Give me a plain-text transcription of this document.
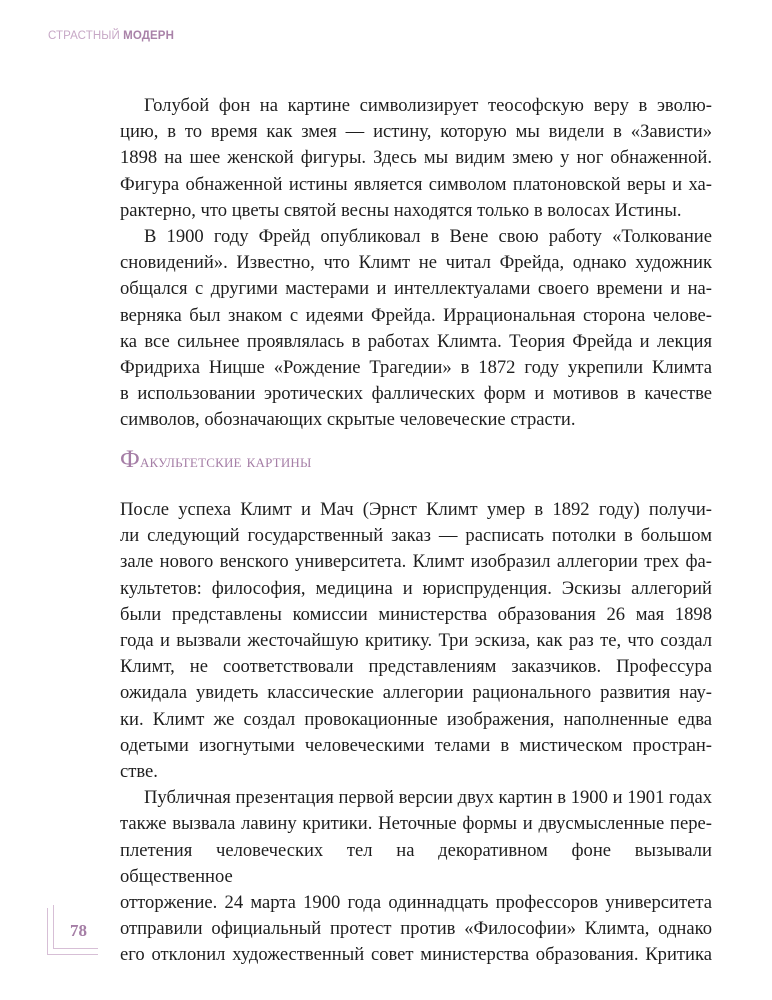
СТРАСТНЫЙ МОДЕРН

Голубой фон на картине символизирует теософскую веру в эволю-
цию, в то время как змея — истину, которую мы видели в «Зависти»
1898 на шее женской фигуры. Здесь мы видим змею у ног обнаженной.
Фигура обнаженной истины является символом платоновской веры и ха-
рактерно, что цветы святой весны находятся только в волосах Истины.

В 1900 году Фрейд опубликовал в Вене свою работу «Толкование
сновидений». Известно, что Климт не читал Фрейда, однако художник
общался с другими мастерами и интеллектуалами своего времени и на-
верняка был знаком с идеями Фрейда. Иррациональная сторона челове-
ка все сильнее проявлялась в работах Климта. Теория Фрейда и лекция
Фридриха Ницше «Рождение Трагедии» в 1872 году укрепили Климта
в использовании эротических фаллических форм и мотивов в качестве
символов, обозначающих скрытые человеческие страсти.

Факультетские картины

После успеха Климт и Мач (Эрнст Климт умер в 1892 году) получи-
ли следующий государственный заказ — расписать потолки в большом
зале нового венского университета. Климт изобразил аллегории трех фа-
культетов: философия, медицина и юриспруденция. Эскизы аллегорий
были представлены комиссии министерства образования 26 мая 1898
года и вызвали жесточайшую критику. Три эскиза, как раз те, что создал
Климт, не соответствовали представлениям заказчиков. Профессура
ожидала увидеть классические аллегории рационального развития нау-
ки. Климт же создал провокационные изображения, наполненные едва
одетыми изогнутыми человеческими телами в мистическом простран-
стве.

Публичная презентация первой версии двух картин в 1900 и 1901 годах
также вызвала лавину критики. Неточные формы и двусмысленные пере-
плетения человеческих тел на декоративном фоне вызывали общественное
отторжение. 24 марта 1900 года одиннадцать профессоров университета
отправили официальный протест против «Философии» Климта, однако
его отклонил художественный совет министерства образования. Критика

78
